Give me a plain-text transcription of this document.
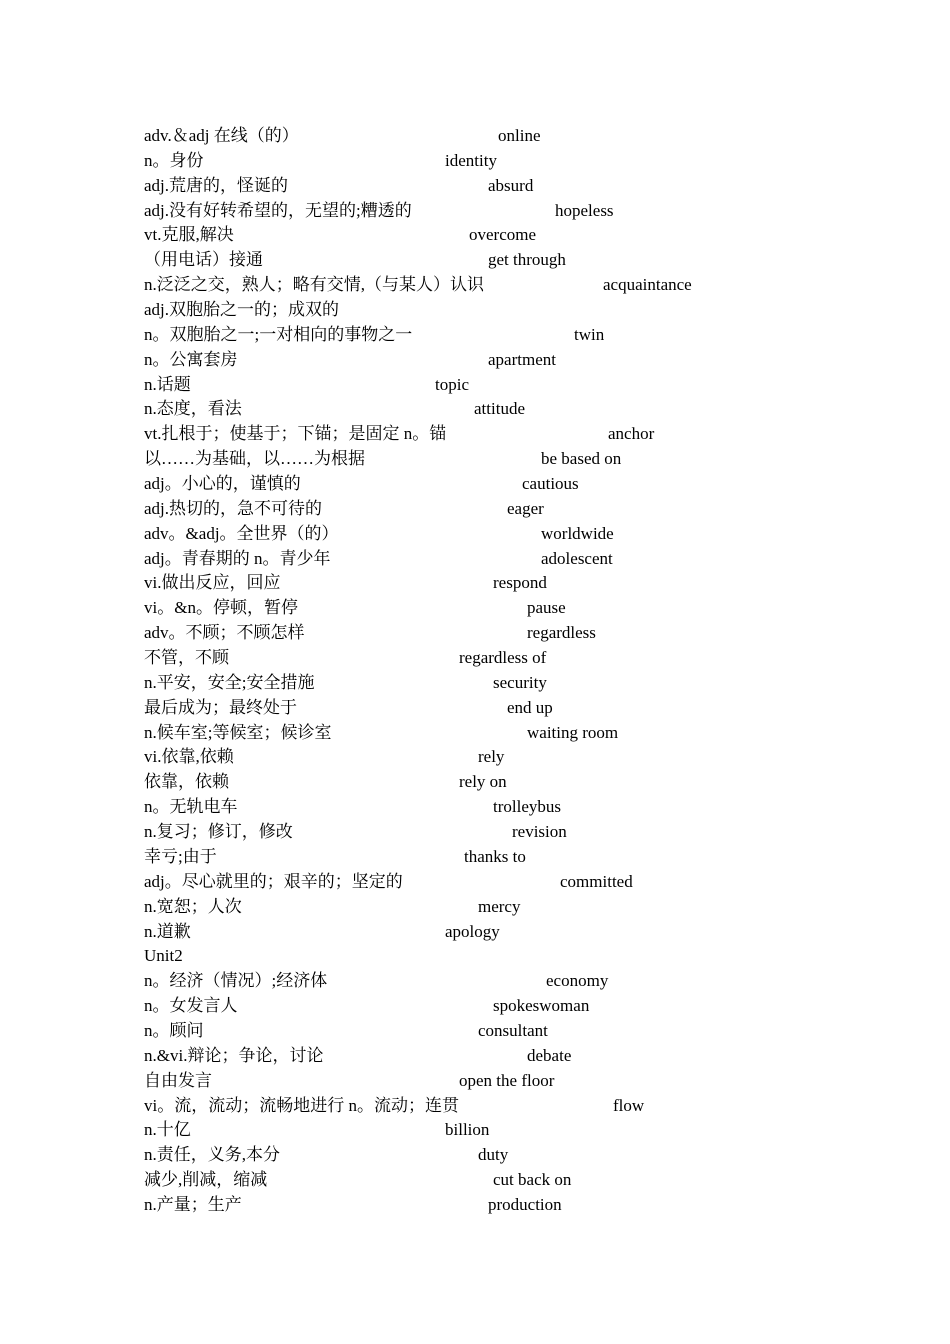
adv.＆adj 在线（的）	online
n。身份	identity
adj.荒唐的，怪诞的	absurd
adj.没有好转希望的，无望的;糟透的	hopeless
vt.克服,解决	overcome
（用电话）接通	get through
n.泛泛之交，熟人；略有交情,（与某人）认识	acquaintance
adj.双胞胎之一的；成双的
n。双胞胎之一;一对相向的事物之一	twin
n。公寓套房	apartment
n.话题	topic
n.态度，看法	attitude
vt.扎根于；使基于；下锚；是固定 n。锚	anchor
以……为基础，以……为根据	be based on
adj。小心的，谨慎的	cautious
adj.热切的，急不可待的	eager
adv。&adj。全世界（的）	worldwide
adj。青春期的 n。青少年	adolescent
vi.做出反应，回应	respond
vi。&n。停顿，暂停	pause
adv。不顾；不顾怎样	regardless
不管，不顾	regardless of
n.平安，安全;安全措施	security
最后成为；最终处于	end up
n.候车室;等候室；候诊室	waiting room
vi.依靠,依赖	rely
依靠，依赖	rely on
n。无轨电车	trolleybus
n.复习；修订，修改	revision
幸亏;由于	thanks to
adj。尽心就里的；艰辛的；坚定的	committed
n.宽恕；人次	mercy
n.道歉	apology
Unit2
n。经济（情况）;经济体	economy
n。女发言人	spokeswoman
n。顾问	consultant
n.&vi.辩论；争论，讨论	debate
自由发言	open the floor
vi。流，流动；流畅地进行 n。流动；连贯	flow
n.十亿	billion
n.责任，义务,本分	duty
减少,削减，缩减	cut back on
n.产量；生产	production
